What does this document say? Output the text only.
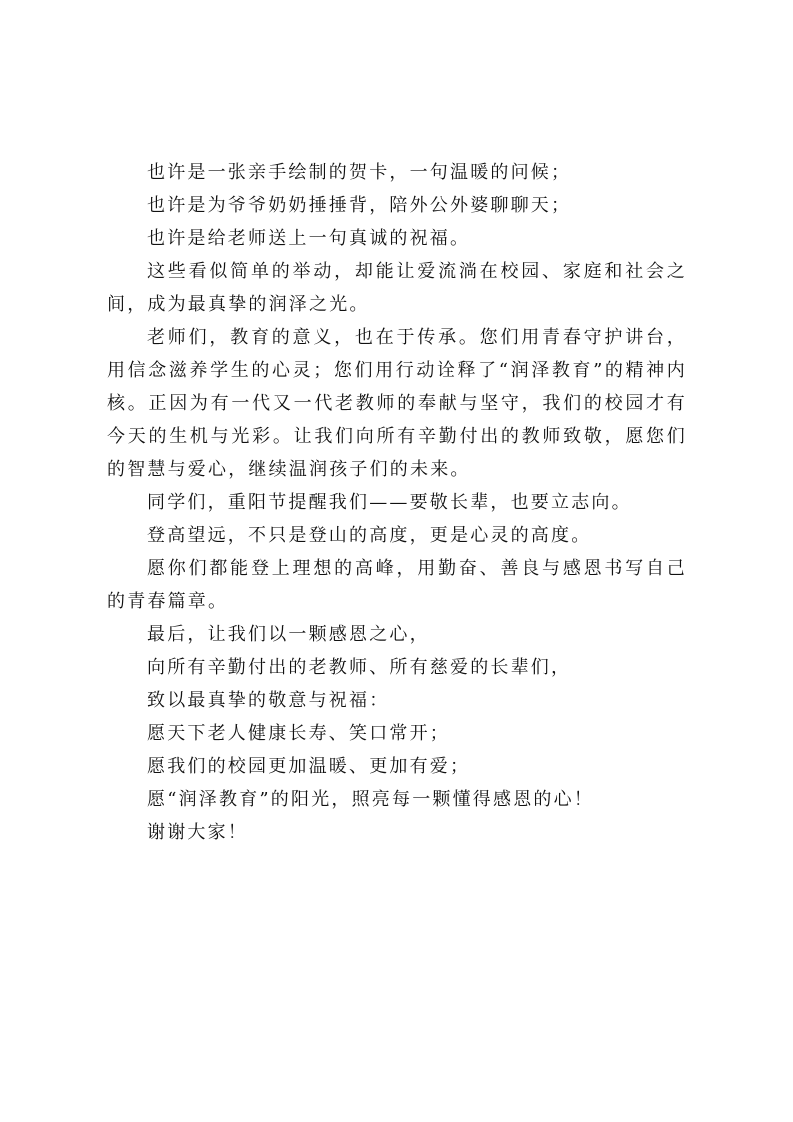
也许是一张亲手绘制的贺卡，一句温暖的问候；

也许是为爷爷奶奶捶捶背，陪外公外婆聊聊天；

也许是给老师送上一句真诚的祝福。

这些看似简单的举动，却能让爱流淌在校园、家庭和社会之间，成为最真挚的润泽之光。

老师们，教育的意义，也在于传承。您们用青春守护讲台，用信念滋养学生的心灵；您们用行动诠释了“润泽教育”的精神内核。正因为有一代又一代老教师的奉献与坚守，我们的校园才有今天的生机与光彩。让我们向所有辛勤付出的教师致敬，愿您们的智慧与爱心，继续温润孩子们的未来。

同学们，重阳节提醒我们——要敬长辈，也要立志向。

登高望远，不只是登山的高度，更是心灵的高度。

愿你们都能登上理想的高峰，用勤奋、善良与感恩书写自己的青春篇章。

最后，让我们以一颗感恩之心，

向所有辛勤付出的老教师、所有慈爱的长辈们，

致以最真挚的敬意与祝福：

愿天下老人健康长寿、笑口常开；

愿我们的校园更加温暖、更加有爱；

愿“润泽教育”的阳光，照亮每一颗懂得感恩的心！

谢谢大家！
